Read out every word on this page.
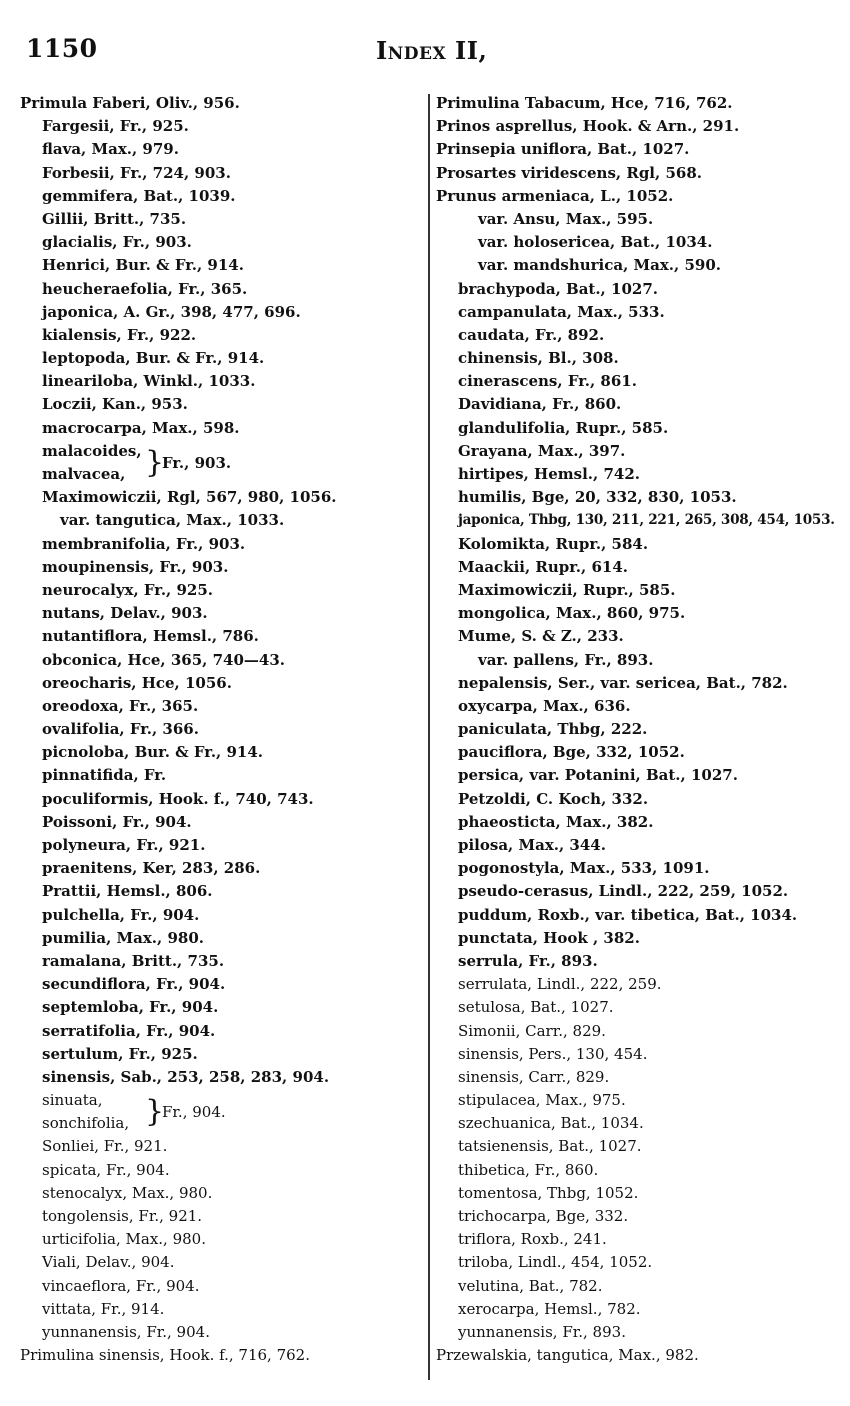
1150	Index II,
Primula Faberi, Oliv., 956.
Fargesii, Fr., 925.
flava, Max., 979.
Forbesii, Fr., 724, 903.
gemmifera, Bat., 1039.
Gillii, Britt., 735.
glacialis, Fr., 903.
Henrici, Bur. & Fr., 914.
heucheraefolia, Fr., 365.
japonica, A. Gr., 398, 477, 696.
kialensis, Fr., 922.
leptopoda, Bur. & Fr., 914.
lineariloba, Winkl., 1033.
Loczii, Kan., 953.
macrocarpa, Max., 598.
malacoides,
malvacea, }
Fr., 903.
Maximowiczii, Rgl, 567, 980, 1056.
var. tangutica, Max., 1033.
membranifolia, Fr., 903.
moupinensis, Fr., 903.
neurocalyx, Fr., 925.
nutans, Delav., 903.
nutantiflora, Hemsl., 786.
obconica, Hce, 365, 740—43.
oreocharis, Hce, 1056.
oreodoxa, Fr., 365.
ovalifolia, Fr., 366.
picnoloba, Bur. & Fr., 914.
pinnatifida, Fr.
poculiformis, Hook. f., 740, 743.
Poissoni, Fr., 904.
polyneura, Fr., 921.
praenitens, Ker, 283, 286.
Prattii, Hemsl., 806.
pulchella, Fr., 904.
pumilia, Max., 980.
ramalana, Britt., 735.
secundiflora, Fr., 904.
septemloba, Fr., 904.
serratifolia, Fr., 904.
sertulum, Fr., 925.
sinensis, Sab., 253, 258, 283, 904.
sinuata,
sonchifolia, }
Fr., 904.
Sonliei, Fr., 921.
spicata, Fr., 904.
stenocalyx, Max., 980.
tongolensis, Fr., 921.
urticifolia, Max., 980.
Viali, Delav., 904.
vincaeflora, Fr., 904.
vittata, Fr., 914.
yunnanensis, Fr., 904.
Primulina sinensis, Hook. f., 716, 762.
Primulina Tabacum, Hce, 716, 762.
Prinos asprellus, Hook. & Arn., 291.
Prinsepia uniflora, Bat., 1027.
Prosartes viridescens, Rgl, 568.
Prunus armeniaca, L., 1052.
var. Ansu, Max., 595.
var. holosericea, Bat., 1034.
var. mandshurica, Max., 590.
brachypoda, Bat., 1027.
campanulata, Max., 533.
caudata, Fr., 892.
chinensis, Bl., 308.
cinerascens, Fr., 861.
Davidiana, Fr., 860.
glandulifolia, Rupr., 585.
Grayana, Max., 397.
hirtipes, Hemsl., 742.
humilis, Bge, 20, 332, 830, 1053.
japonica, Thbg, 130, 211, 221, 265, 308, 454, 1053.
Kolomikta, Rupr., 584.
Maackii, Rupr., 614.
Maximowiczii, Rupr., 585.
mongolica, Max., 860, 975.
Mume, S. & Z., 233.
var. pallens, Fr., 893.
nepalensis, Ser., var. sericea, Bat., 782.
oxycarpa, Max., 636.
paniculata, Thbg, 222.
pauciflora, Bge, 332, 1052.
persica, var. Potanini, Bat., 1027.
Petzoldi, C. Koch, 332.
phaeosticta, Max., 382.
pilosa, Max., 344.
pogonostyla, Max., 533, 1091.
pseudo-cerasus, Lindl., 222, 259, 1052.
puddum, Roxb., var. tibetica, Bat., 1034.
punctata, Hook , 382.
serrula, Fr., 893.
serrulata, Lindl., 222, 259.
setulosa, Bat., 1027.
Simonii, Carr., 829.
sinensis, Pers., 130, 454.
sinensis, Carr., 829.
stipulacea, Max., 975.
szechuanica, Bat., 1034.
tatsienensis, Bat., 1027.
thibetica, Fr., 860.
tomentosa, Thbg, 1052.
trichocarpa, Bge, 332.
triflora, Roxb., 241.
triloba, Lindl., 454, 1052.
velutina, Bat., 782.
xerocarpa, Hemsl., 782.
yunnanensis, Fr., 893.
Przewalskia, tangutica, Max., 982.
